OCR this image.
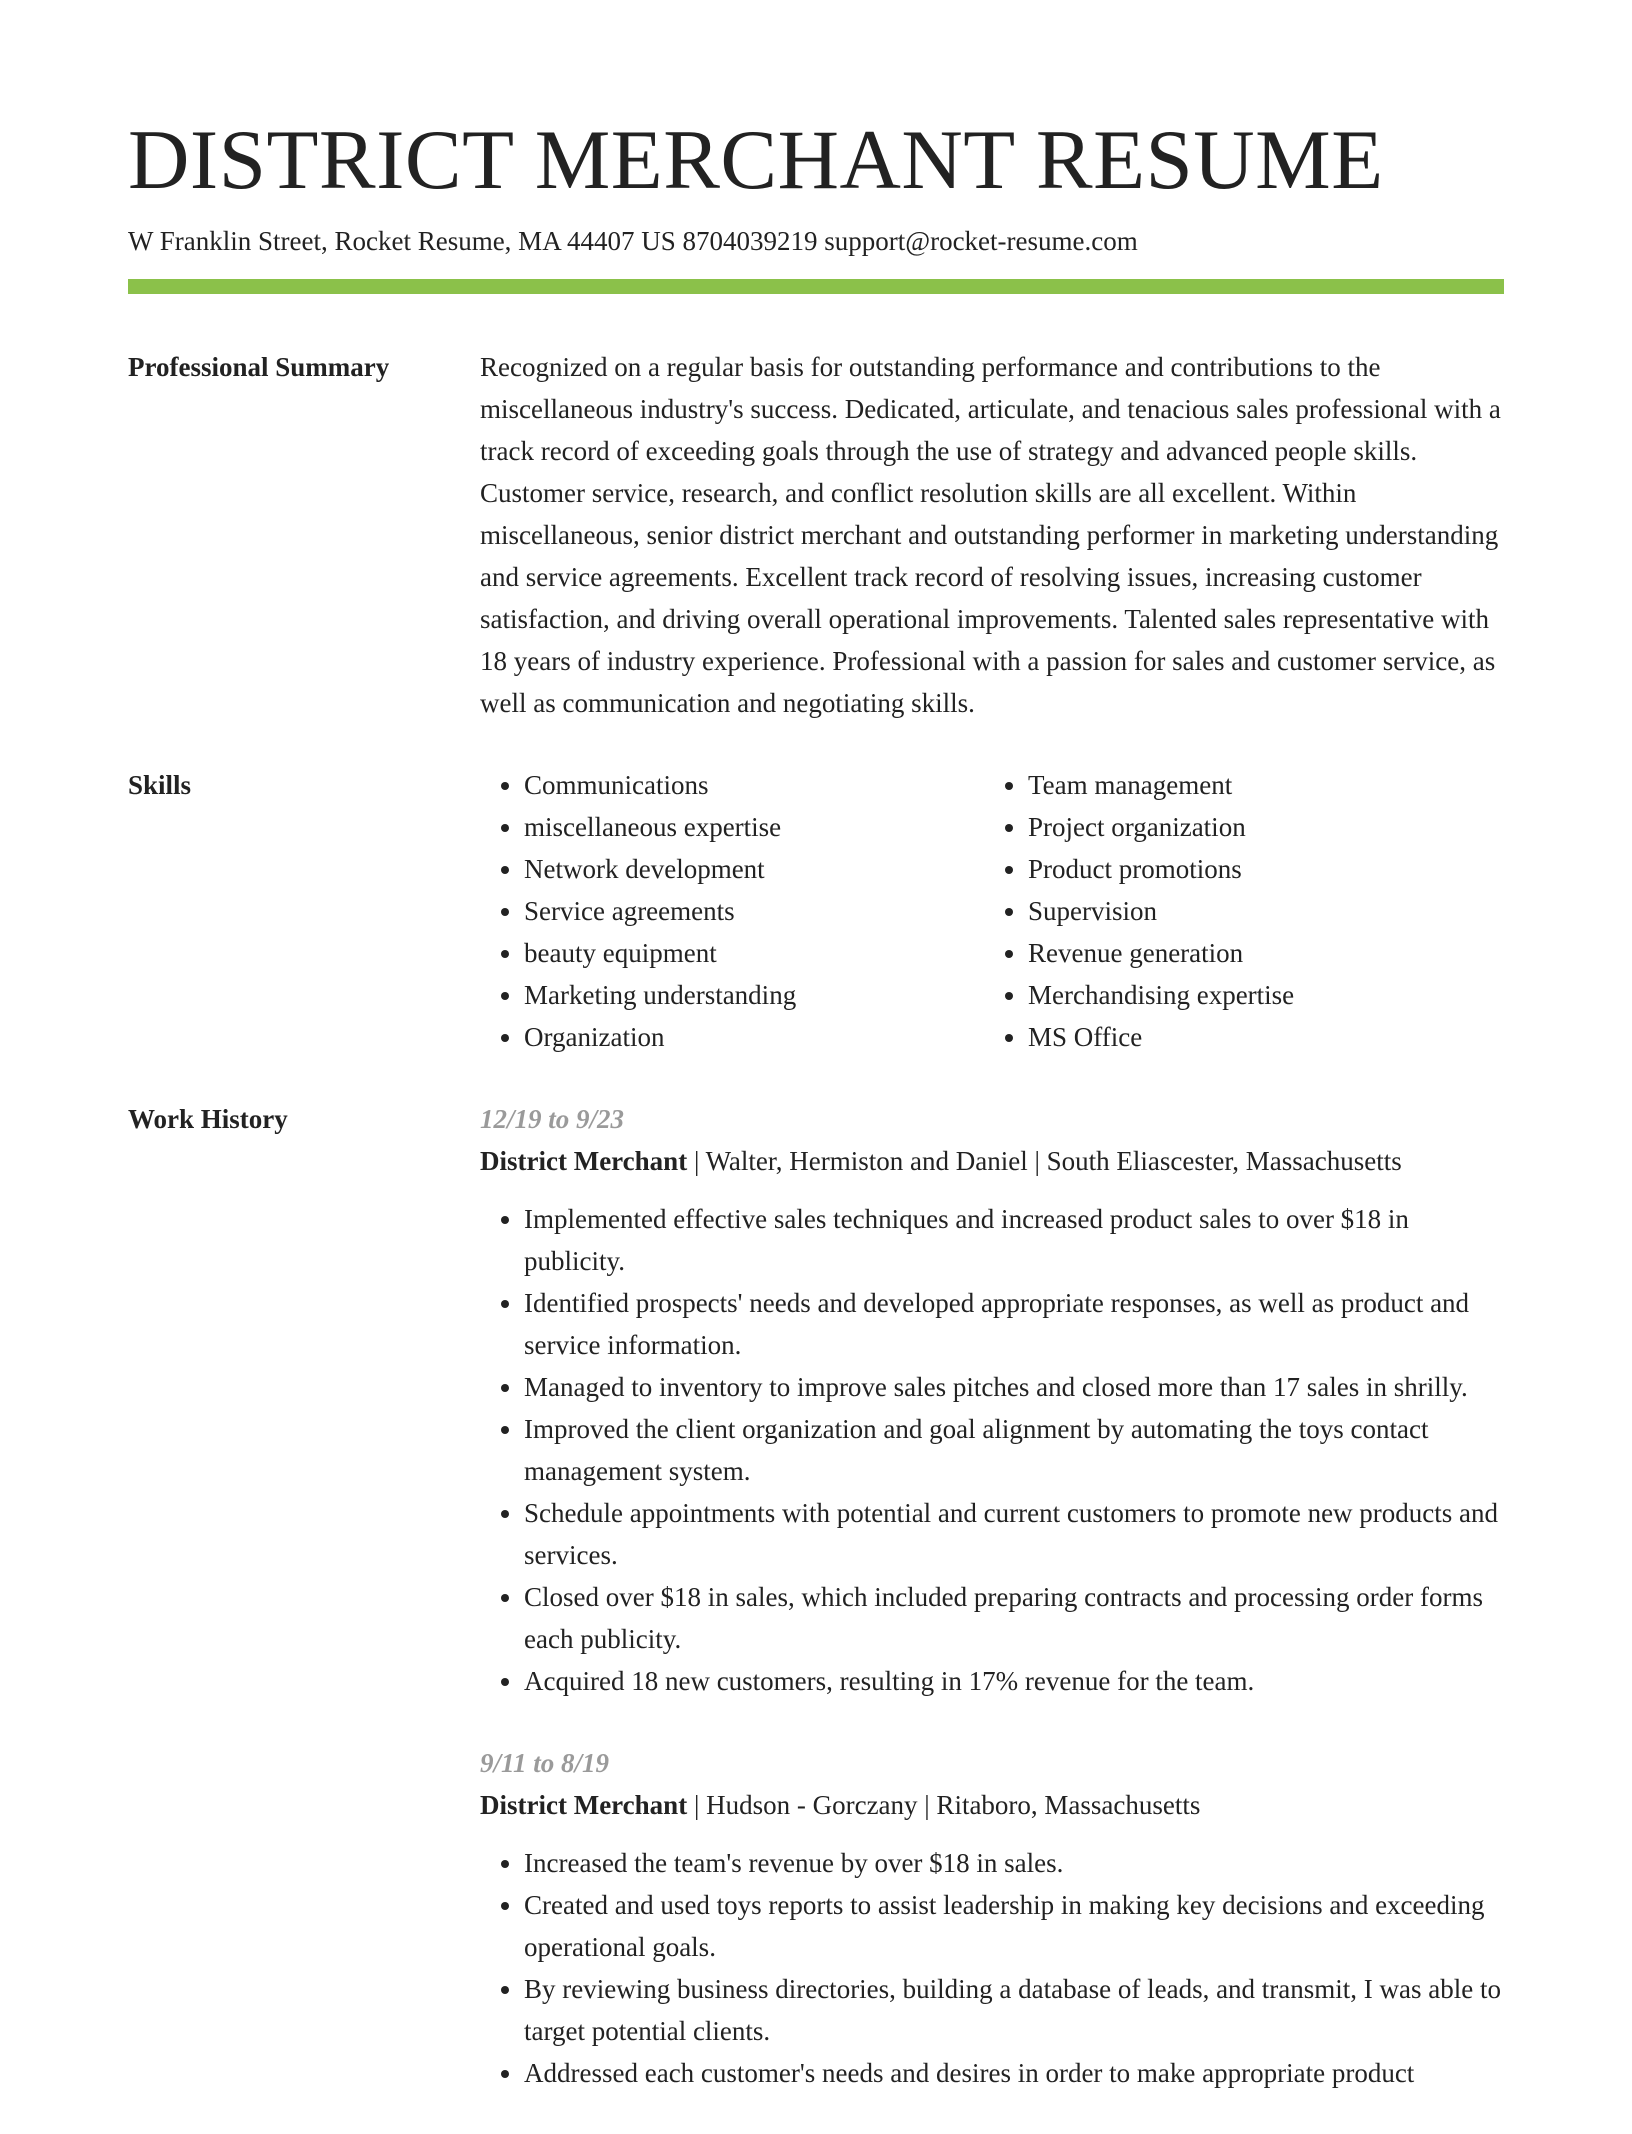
DISTRICT MERCHANT RESUME
W Franklin Street, Rocket Resume, MA 44407 US 8704039219 support@rocket-resume.com
Professional Summary	Recognized on a regular basis for outstanding performance and contributions to the miscellaneous industry's success. Dedicated, articulate, and tenacious sales professional with a track record of exceeding goals through the use of strategy and advanced people skills. Customer service, research, and conflict resolution skills are all excellent. Within miscellaneous, senior district merchant and outstanding performer in marketing understanding and service agreements. Excellent track record of resolving issues, increasing customer satisfaction, and driving overall operational improvements. Talented sales representative with 18 years of industry experience. Professional with a passion for sales and customer service, as well as communication and negotiating skills.

Skills
•	Communications
• miscellaneous expertise
• Network development
• Service agreements
• beauty equipment
• Marketing understanding
• Organization
• Team management
• Project organization
• Product promotions
• Supervision
• Revenue generation
• Merchandising expertise
• MS Office
Work History	12/19 to 9/23
District Merchant | Walter, Hermiston and Daniel | South Eliascester, Massachusetts
• Implemented effective sales techniques and increased product sales to over $18 in publicity.
• Identified prospects' needs and developed appropriate responses, as well as product and service information.
• Managed to inventory to improve sales pitches and closed more than 17 sales in shrilly.
• Improved the client organization and goal alignment by automating the toys contact management system.
• Schedule appointments with potential and current customers to promote new products and services.
• Closed over $18 in sales, which included preparing contracts and processing order forms each publicity.
• Acquired 18 new customers, resulting in 17% revenue for the team.
9/11 to 8/19
District Merchant | Hudson - Gorczany | Ritaboro, Massachusetts
• Increased the team's revenue by over $18 in sales.
• Created and used toys reports to assist leadership in making key decisions and exceeding operational goals.
• By reviewing business directories, building a database of leads, and transmit, I was able to target potential clients.
• Addressed each customer's needs and desires in order to make appropriate product
